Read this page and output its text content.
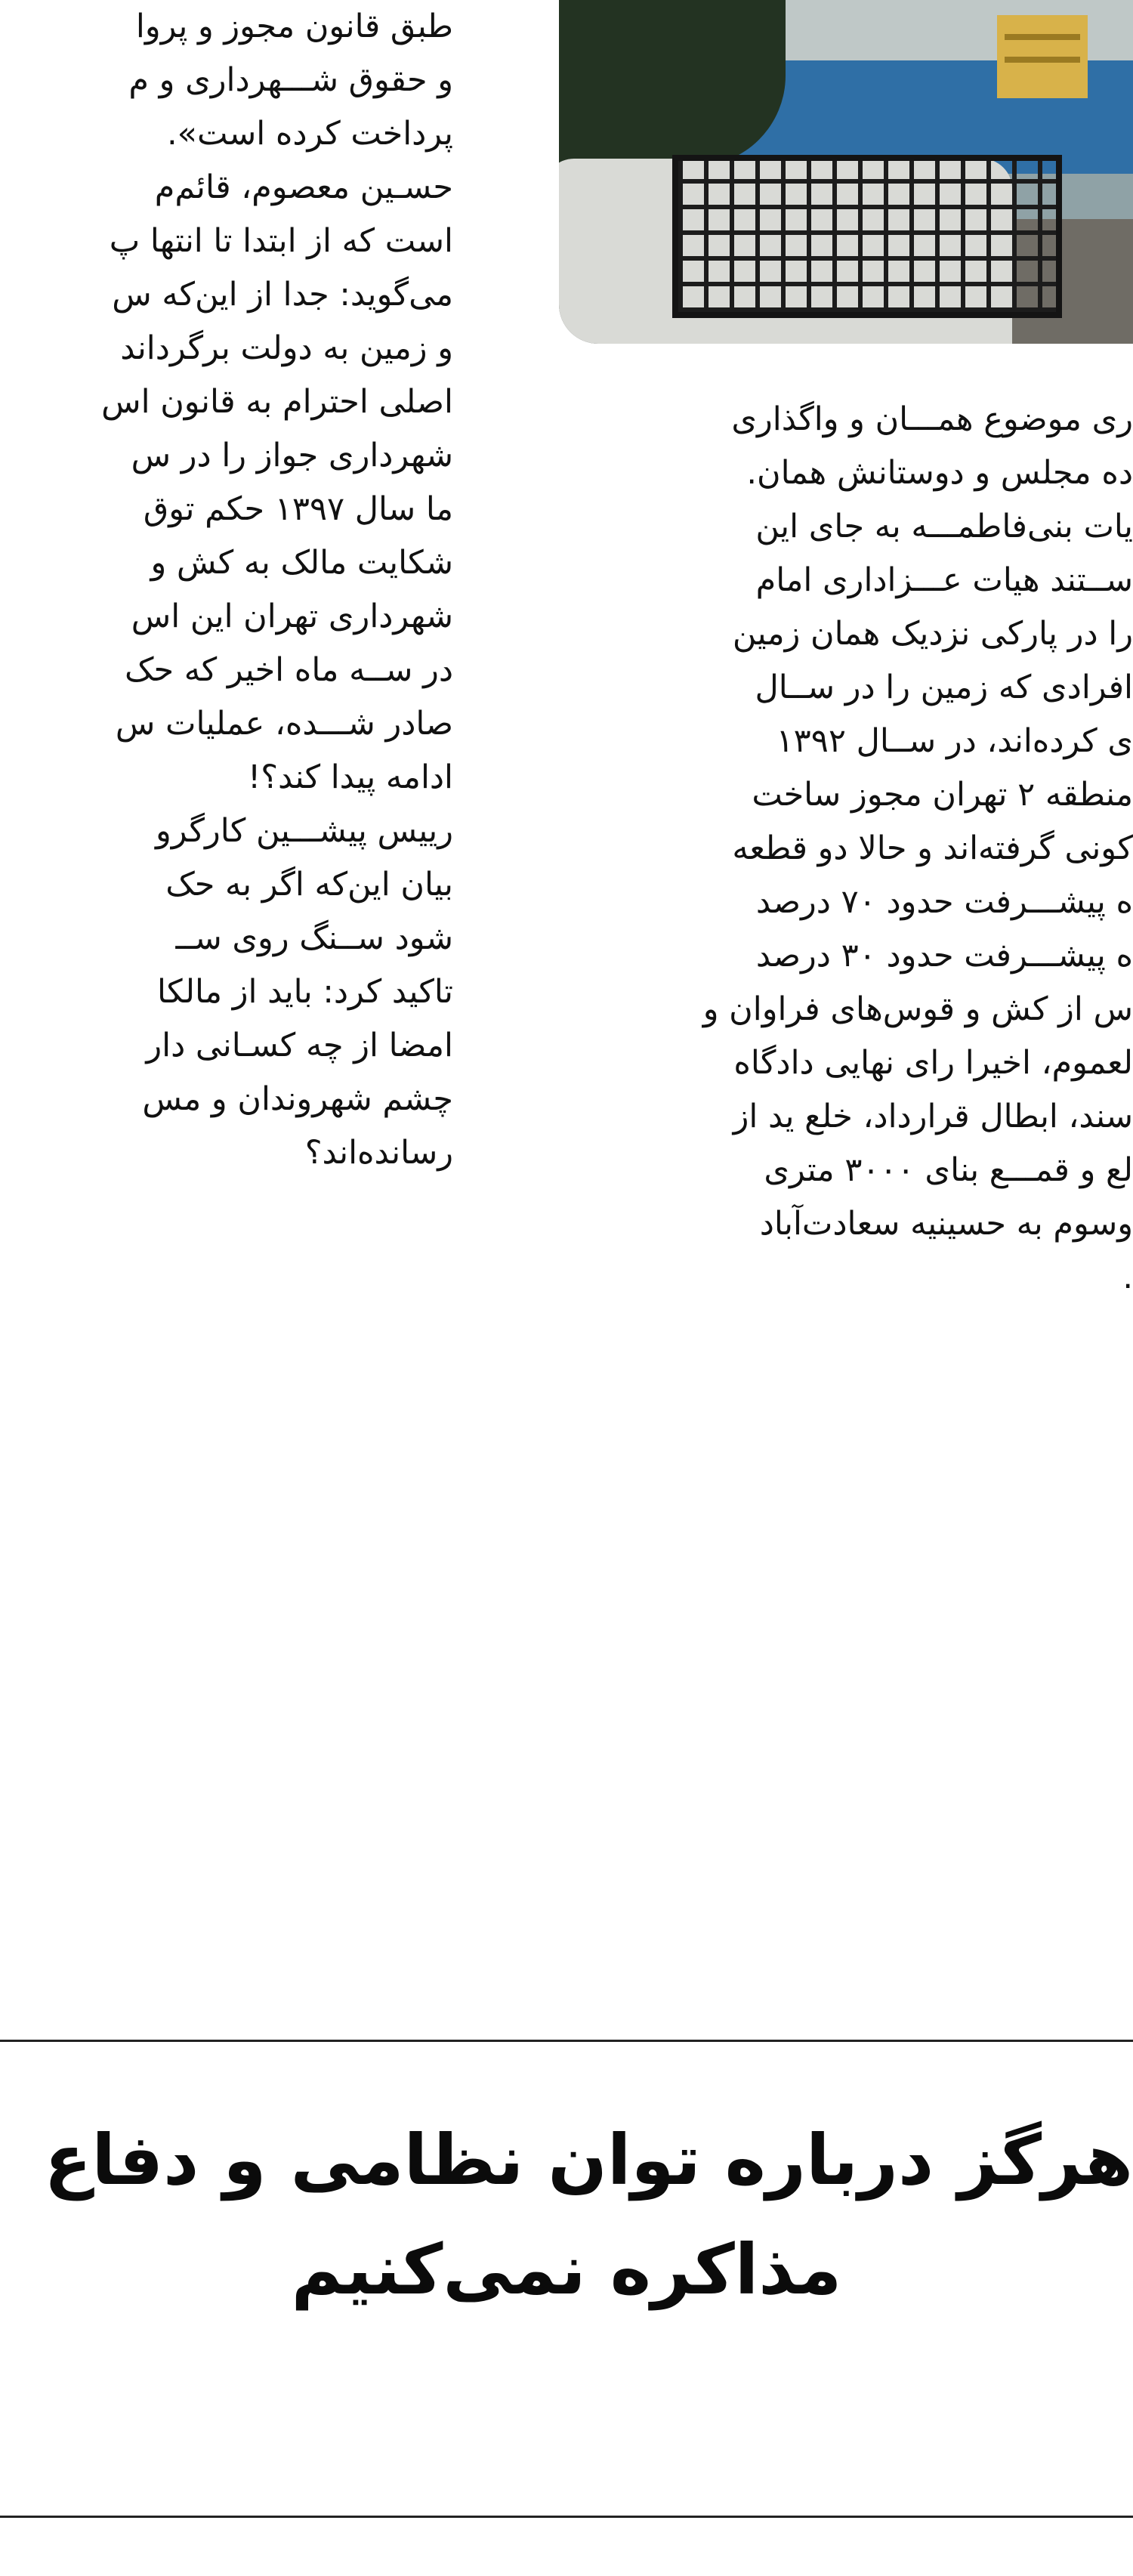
طبق قانون مجوز و پروا

و حقوق شـــهرداری و م

پرداخت کرده است».

حسـین معصوم، قائم‌م

است که از ابتدا تا انتها پ

می‌گوید: جدا از این‌که س

و زمین به دولت برگرداند

اصلی احترام به قانون اس

شهرداری جواز را در س

ما سال ۱۳۹۷ حکم توق

شکایت مالک به کش و

شهرداری تهران این اس

در ســه ماه اخیر که حک

صادر شـــده، عملیات س

ادامه پیدا کند؟!

رییس پیشـــین کارگرو

بیان این‌که اگر به حک

شود ســنگ روی ســ

تاکید کرد: باید از مالکا

امضا از چه کسـانی دار

چشم شهروندان و مس

رسانده‌اند؟

ری موضوع همـــان و واگذاری

ده مجلس و دوستانش همان.

یات بنی‌فاطمـــه به جای این

ســتند هیات عـــزاداری امام

را در پارکی نزدیک همان زمین

افرادی که زمین را در ســال

ی کرده‌اند، در ســال ۱۳۹۲

منطقه ۲ تهران مجوز ساخت

کونی گرفته‌اند و حالا دو قطعه

ه پیشـــرفت حدود ۷۰ درصد

ه پیشـــرفت حدود ۳۰ درصد

س از کش و قوس‌های فراوان و

لعموم، اخیرا رای نهایی دادگاه

سند، ابطال قرارداد، خلع ید از

لع و قمـــع بنای ۳۰۰۰ متری

وسوم به حسینیه سعادت‌آباد

.

هرگز درباره توان نظامی و دفاع
مذاکره نمی‌کنیم
